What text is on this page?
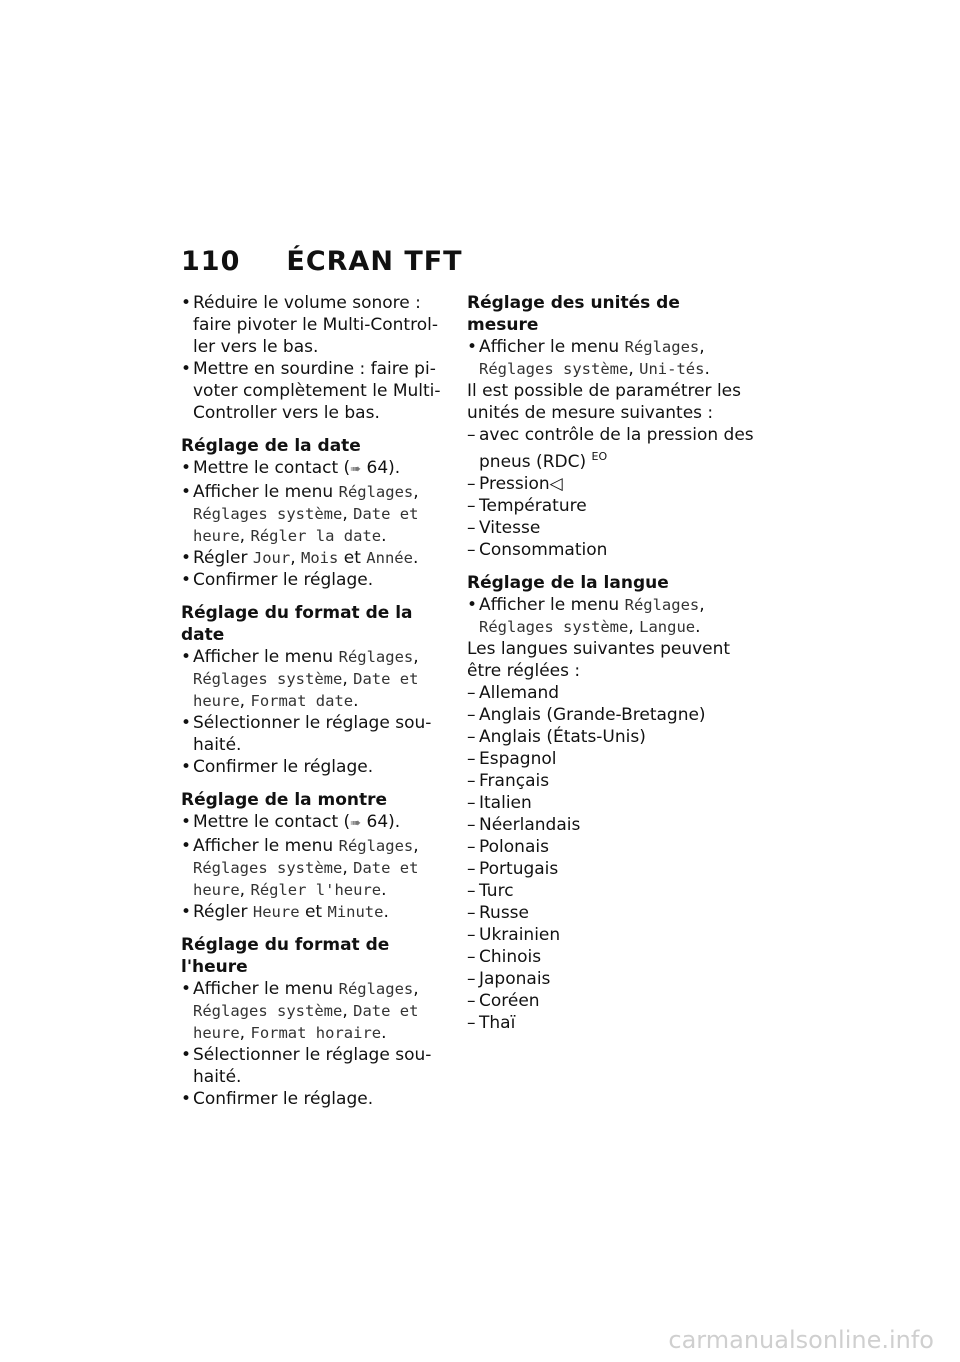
110 ÉCRAN TFT
• Réduire le volume sonore : faire pivoter le Multi-Control-ler vers le bas.
• Mettre en sourdine : faire pi-voter complètement le Multi-Controller vers le bas.
Réglage de la date
• Mettre le contact (➠ 64).
• Afficher le menu Réglages, Réglages système, Date et heure, Régler la date.
• Régler Jour, Mois et Année.
• Confirmer le réglage.
Réglage du format de la date
• Afficher le menu Réglages, Réglages système, Date et heure, Format date.
• Sélectionner le réglage sou-haité.
• Confirmer le réglage.
Réglage de la montre
• Mettre le contact (➠ 64).
• Afficher le menu Réglages, Réglages système, Date et heure, Régler l'heure.
• Régler Heure et Minute.
Réglage du format de l'heure
• Afficher le menu Réglages, Réglages système, Date et heure, Format horaire.
• Sélectionner le réglage sou-haité.
• Confirmer le réglage.
Réglage des unités de mesure
• Afficher le menu Réglages, Réglages système, Uni-tés.

Il est possible de paramétrer les unités de mesure suivantes :

– avec contrôle de la pression des pneus (RDC) $^{EO}$
– Pression◁
– Température
– Vitesse
– Consommation
Réglage de la langue
• Afficher le menu Réglages, Réglages système, Langue.

Les langues suivantes peuvent être réglées :

– Allemand
– Anglais (Grande-Bretagne)
– Anglais (États-Unis)
– Espagnol
– Français
– Italien
– Néerlandais
– Polonais
– Portugais
– Turc
– Russe
– Ukrainien
– Chinois
– Japonais
– Coréen
– Thaï
carmanualsonline.info
